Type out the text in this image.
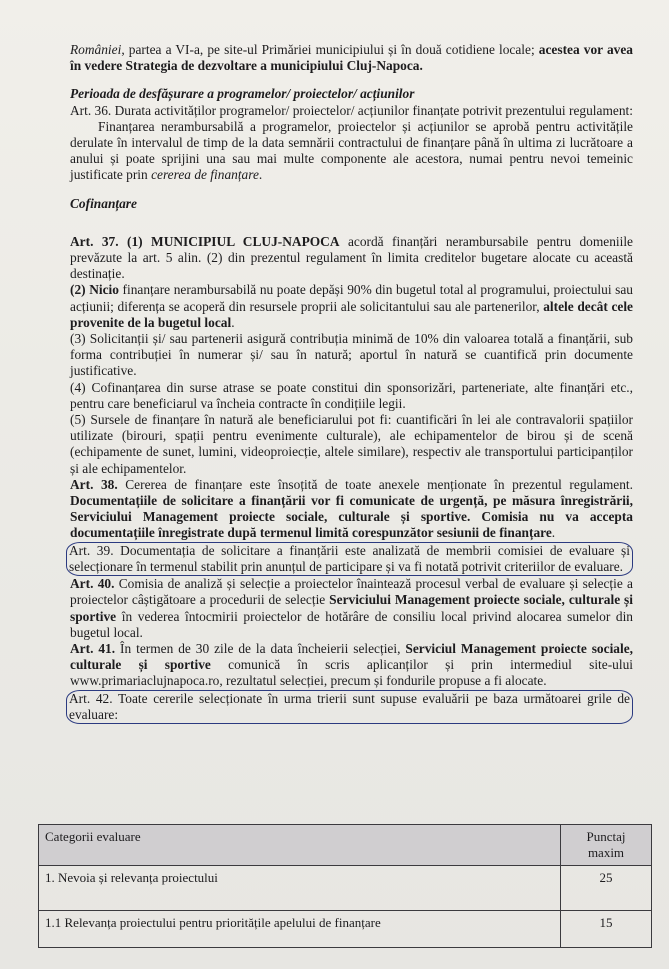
României, partea a VI-a, pe site-ul Primăriei municipiului și în două cotidiene locale; acestea vor avea în vedere Strategia de dezvoltare a municipiului Cluj-Napoca.

Perioada de desfășurare a programelor/ proiectelor/ acțiunilor

Art. 36. Durata activităților programelor/ proiectelor/ acțiunilor finanțate potrivit prezentului regulament:

Finanțarea nerambursabilă a programelor, proiectelor și acțiunilor se aprobă pentru activitățile derulate în intervalul de timp de la data semnării contractului de finanțare până în ultima zi lucrătoare a anului și poate sprijini una sau mai multe componente ale acestora, numai pentru nevoi temeinic justificate prin cererea de finanțare.

Cofinanțare

Art. 37. (1) MUNICIPIUL CLUJ-NAPOCA acordă finanțări nerambursabile pentru domeniile prevăzute la art. 5 alin. (2) din prezentul regulament în limita creditelor bugetare alocate cu această destinație.

(2) Nicio finanțare nerambursabilă nu poate depăși 90% din bugetul total al programului, proiectului sau acțiunii; diferența se acoperă din resursele proprii ale solicitantului sau ale partenerilor, altele decât cele provenite de la bugetul local.

(3) Solicitanții și/ sau partenerii asigură contribuția minimă de 10% din valoarea totală a finanțării, sub forma contribuției în numerar și/ sau în natură; aportul în natură se cuantifică prin documente justificative.

(4) Cofinanțarea din surse atrase se poate constitui din sponsorizări, parteneriate, alte finanțări etc., pentru care beneficiarul va încheia contracte în condițiile legii.

(5) Sursele de finanțare în natură ale beneficiarului pot fi: cuantificări în lei ale contravalorii spațiilor utilizate (birouri, spații pentru evenimente culturale), ale echipamentelor de birou și de scenă (echipamente de sunet, lumini, videoproiecție, altele similare), respectiv ale transportului participanților și ale echipamentelor.

Art. 38. Cererea de finanțare este însoțită de toate anexele menționate în prezentul regulament. Documentațiile de solicitare a finanțării vor fi comunicate de urgență, pe măsura înregistrării, Serviciului Management proiecte sociale, culturale și sportive. Comisia nu va accepta documentațiile înregistrate după termenul limită corespunzător sesiunii de finanțare.

Art. 39. Documentația de solicitare a finanțării este analizată de membrii comisiei de evaluare și selecționare în termenul stabilit prin anunțul de participare și va fi notată potrivit criteriilor de evaluare.

Art. 40. Comisia de analiză și selecție a proiectelor înaintează procesul verbal de evaluare și selecție a proiectelor câștigătoare a procedurii de selecție Serviciului Management proiecte sociale, culturale și sportive în vederea întocmirii proiectelor de hotărâre de consiliu local privind alocarea sumelor din bugetul local.

Art. 41. În termen de 30 zile de la data încheierii selecției, Serviciul Management proiecte sociale, culturale și sportive comunică în scris aplicanților și prin intermediul site-ului www.primariaclujnapoca.ro, rezultatul selecției, precum și fondurile propuse a fi alocate.

Art. 42. Toate cererile selecționate în urma trierii sunt supuse evaluării pe baza următoarei grile de evaluare:

Categorii evaluare	Punctaj maxim
1. Nevoia și relevanța proiectului	25
1.1 Relevanța proiectului pentru prioritățile apelului de finanțare	15
